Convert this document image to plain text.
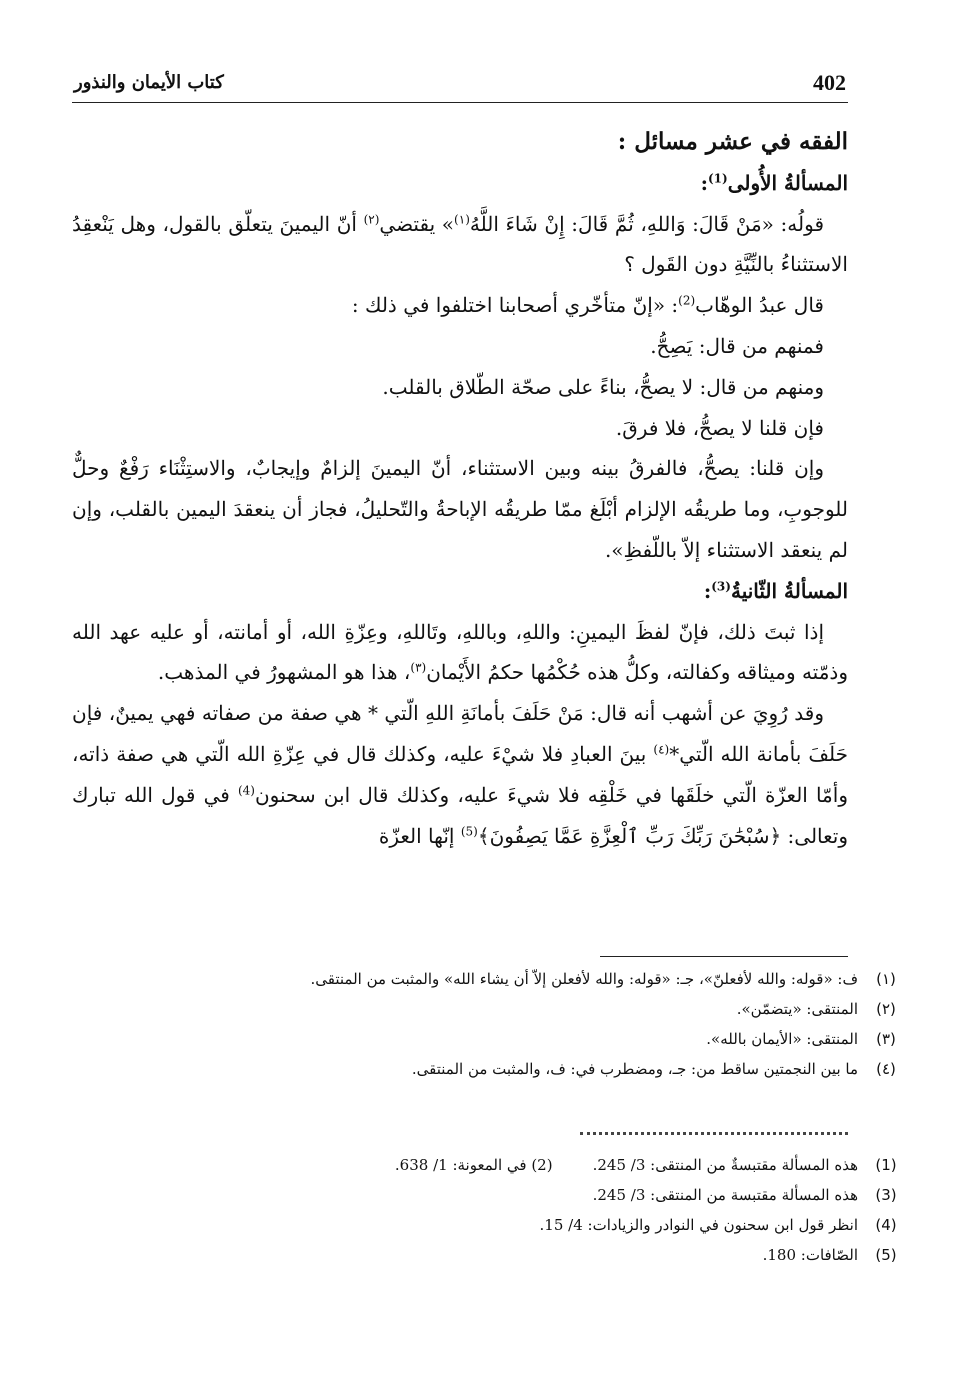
402
كتاب الأيمان والنذور

الفقه في عشر مسائل :

المسألةُ الأُولى$^{(1)}$:

قولُه: «مَنْ قَالَ: وَاللهِ، ثُمَّ قَالَ: إِنْ شَاءَ اللَّهُ$^{(١)}$» يقتضي$^{(٢)}$ أنّ اليمينَ يتعلّق بالقول، وهل يَنْعقِدُ الاستثناءُ بالنِّيَّةِ دون القَول ؟

قال عبدُ الوهّاب$^{(2)}$: «إنّ متأخّري أصحابنا اختلفوا في ذلك :

فمنهم من قال: يَصِحُّ.

ومنهم من قال: لا يصحُّ، بناءً على صحّة الطّلاق بالقلب.

فإن قلنا لا يصحُّ، فلا فرقَ.

وإن قلنا: يصحُّ، فالفرقُ بينه وبين الاستثناء، أنّ اليمينَ إلزامٌ وإيجابٌ، والاستِثْنَاء رَفْعٌ وحلٌّ للوجوبِ، وما طريقُه الإلزام أبْلَغ ممّا طريقُه الإباحةُ والتّحليلُ، فجاز أن ينعقدَ اليمين بالقلب، وإن لم ينعقد الاستثناء إلاّ باللّفظِ».

المسألةُ الثّانيةُ$^{(3)}$:

إذا ثبتَ ذلك، فإنّ لفظَ اليمينِ: واللهِ، وباللهِ، وتَاللهِ، وعِزّةِ الله، أو أمانته، أو عليه عهد الله وذمّته وميثاقه وكفالته، وكلُّ هذه حُكْمُها حكمُ الأَيْمان$^{(٣)}$، هذا هو المشهورُ في المذهب.

وقد رُوِيَ عن أشهب أنه قال: مَنْ حَلَفَ بأمانَةِ اللهِ الّتي * هي صفة من صفاته فهي يمينٌ، فإن حَلَفَ بأمانة الله الّتي*$^{(٤)}$ بينَ العبادِ فلا شيْءَ عليه، وكذلك قال في عِزّةِ الله الّتي هي صفة ذاته، وأمّا العزّة الّتي خلَقَها في خَلْقِه فلا شيءَ عليه، وكذلك قال ابن سحنون$^{(4)}$ في قول الله تبارك وتعالى: ﴿سُبْحَٰنَ رَبِّكَ رَبِّ ٱلْعِزَّةِ عَمَّا يَصِفُونَ﴾$^{(5)}$ إنّها العزّة

(١)
ف: «قوله: والله لأفعلنّ»، جـ: «قوله: والله لأفعلن إلاّ أن يشاء الله» والمثبت من المنتقى.
(٢)
المنتقى: «يتضمّن».
(٣)
المنتقى: «الأيمان بالله».
(٤)
ما بين النجمتين ساقط من: جـ، ومضطرب في: ف، والمثبت من المنتقى.
(1)
هذه المسألة مقتبسةٌ من المنتقى: 3/ 245.(2) في المعونة: 1/ 638.
(3)
هذه المسألة مقتبسة من المنتقى: 3/ 245.
(4)
انظر قول ابن سحنون في النوادر والزيادات: 4/ 15.
(5)
الصّافات: 180.
